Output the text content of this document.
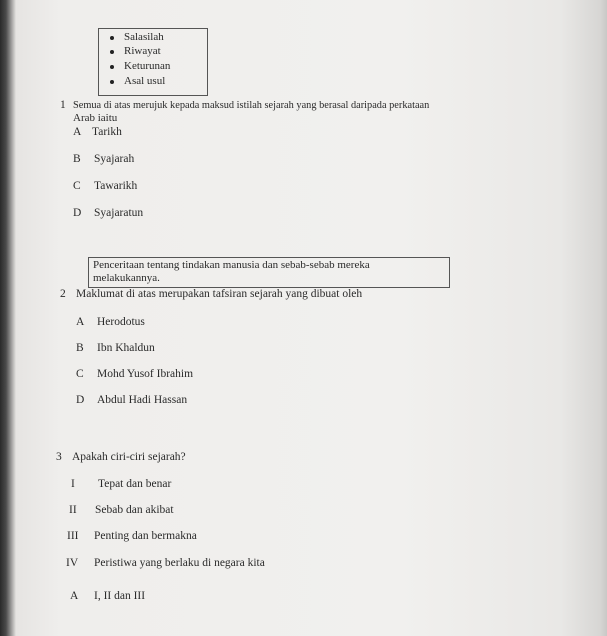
Salasilah
Riwayat
Keturunan
Asal usul
1 Semua di atas merujuk kepada maksud istilah sejarah yang berasal daripada perkataan
Arab iaitu
A Tarikh
B Syajarah
C Tawarikh
D Syajaratun
Penceritaan tentang tindakan manusia dan sebab-sebab mereka
melakukannya.
2 Maklumat di atas merupakan tafsiran sejarah yang dibuat oleh
A Herodotus
B Ibn Khaldun
C Mohd Yusof Ibrahim
D Abdul Hadi Hassan
3 Apakah ciri-ciri sejarah?
I Tepat dan benar
II Sebab dan akibat
III Penting dan bermakna
IV Peristiwa yang berlaku di negara kita
A I, II dan III
